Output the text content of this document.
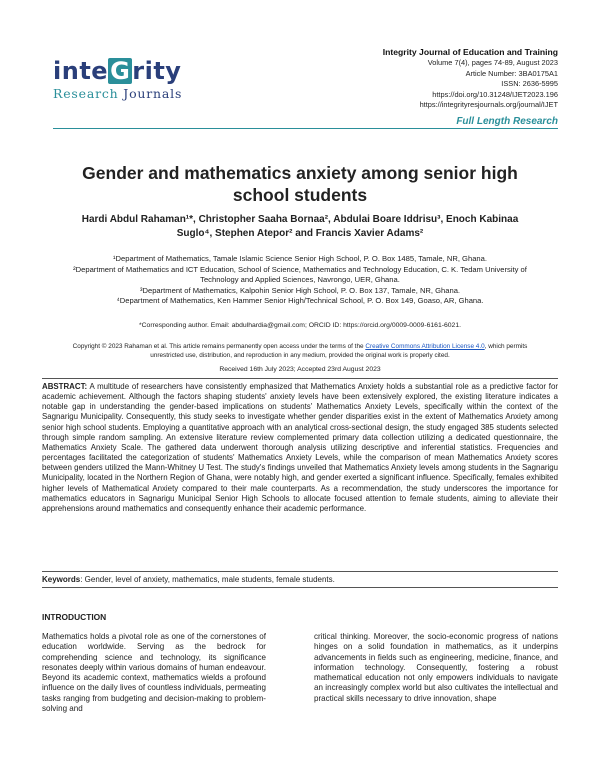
inteGrity
Research Journals
Integrity Journal of Education and Training
Volume 7(4), pages 74-89, August 2023
Article Number: 3BA0175A1
ISSN: 2636-5995
https://doi.org/10.31248/IJET2023.196
https://integrityresjournals.org/journal/IJET
Full Length Research
Gender and mathematics anxiety among senior high school students
Hardi Abdul Rahaman¹*, Christopher Saaha Bornaa², Abdulai Boare Iddrisu³, Enoch Kabinaa Suglo⁴, Stephen Atepor² and Francis Xavier Adams²

¹Department of Mathematics, Tamale Islamic Science Senior High School, P. O. Box 1485, Tamale, NR, Ghana.

²Department of Mathematics and ICT Education, School of Science, Mathematics and Technology Education, C. K. Tedam University of Technology and Applied Sciences, Navrongo, UER, Ghana.

³Department of Mathematics, Kalpohin Senior High School, P. O. Box 137, Tamale, NR, Ghana.

⁴Department of Mathematics, Ken Hammer Senior High/Technical School, P. O. Box 149, Goaso, AR, Ghana.

*Corresponding author. Email: abdulhardia@gmail.com; ORCID ID: https://orcid.org/0009-0009-6161-6021.
Copyright © 2023 Rahaman et al. This article remains permanently open access under the terms of the Creative Commons Attribution License 4.0, which permits unrestricted use, distribution, and reproduction in any medium, provided the original work is properly cited.
Received 16th July 2023; Accepted 23rd August 2023
ABSTRACT: A multitude of researchers have consistently emphasized that Mathematics Anxiety holds a substantial role as a predictive factor for academic achievement. Although the factors shaping students' anxiety levels have been extensively explored, the existing literature indicates a notable gap in understanding the gender-based implications on students' Mathematics Anxiety Levels, specifically within the context of the Sagnarigu Municipality. Consequently, this study seeks to investigate whether gender disparities exist in the extent of Mathematics Anxiety among senior high school students. Employing a quantitative approach with an analytical cross-sectional design, the study engaged 385 students selected through simple random sampling. An extensive literature review complemented primary data collection utilizing a dedicated questionnaire, the Mathematics Anxiety Scale. The gathered data underwent thorough analysis utilizing descriptive and inferential statistics. Frequencies and percentages facilitated the categorization of students' Mathematics Anxiety Levels, while the comparison of mean Mathematics Anxiety scores between genders utilized the Mann-Whitney U Test. The study's findings unveiled that Mathematics Anxiety levels among students in the Sagnarigu Municipality, located in the Northern Region of Ghana, were notably high, and gender exerted a significant influence. Specifically, females exhibited higher levels of Mathematical Anxiety compared to their male counterparts. As a recommendation, the study underscores the importance for mathematics educators in Sagnarigu Municipal Senior High Schools to allocate focused attention to female students, aiming to alleviate their apprehensions around mathematics and consequently enhance their academic performance.
Keywords: Gender, level of anxiety, mathematics, male students, female students.
INTRODUCTION
Mathematics holds a pivotal role as one of the cornerstones of education worldwide. Serving as the bedrock for comprehending science and technology, its significance resonates deeply within various domains of human endeavour. Beyond its academic context, mathematics wields a profound influence on the daily lives of countless individuals, permeating tasks ranging from budgeting and decision-making to problem-solving and
critical thinking. Moreover, the socio-economic progress of nations hinges on a solid foundation in mathematics, as it underpins advancements in fields such as engineering, medicine, finance, and information technology. Consequently, fostering a robust mathematical education not only empowers individuals to navigate an increasingly complex world but also cultivates the intellectual and practical skills necessary to drive innovation, shape
